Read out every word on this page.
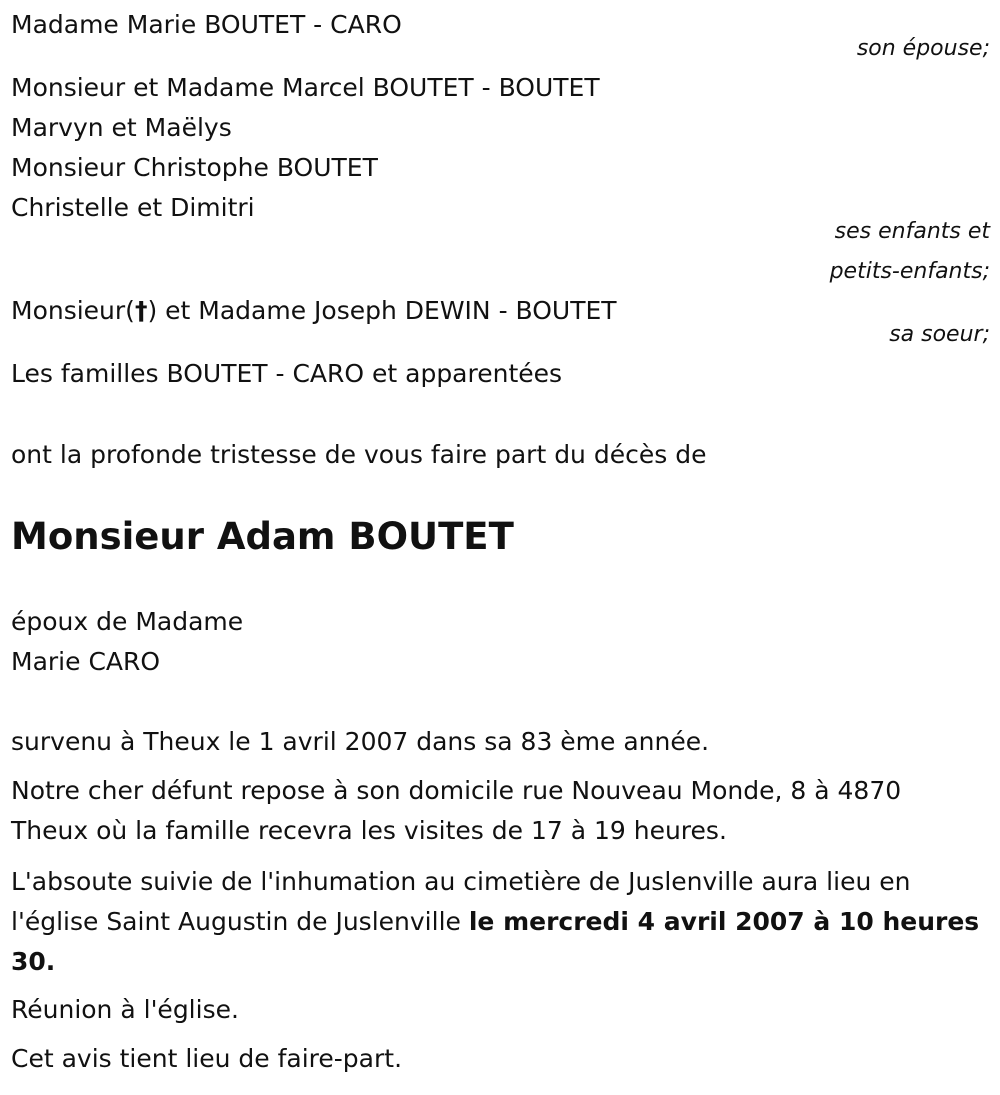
Madame Marie BOUTET - CARO
son épouse;
Monsieur et Madame Marcel BOUTET - BOUTET
Marvyn et Maëlys
Monsieur Christophe BOUTET
Christelle et Dimitri
ses enfants et
petits-enfants;
Monsieur(†) et Madame Joseph DEWIN - BOUTET
sa soeur;
Les familles BOUTET - CARO et apparentées
ont la profonde tristesse de vous faire part du décès de
Monsieur Adam BOUTET
époux de Madame
Marie CARO
survenu à Theux le 1 avril 2007 dans sa 83 ème année.
Notre cher défunt repose à son domicile rue Nouveau Monde, 8 à 4870 Theux où la famille recevra les visites de 17 à 19 heures.
L'absoute suivie de l'inhumation au cimetière de Juslenville aura lieu en l'église Saint Augustin de Juslenville le mercredi 4 avril 2007 à 10 heures 30.
Réunion à l'église.
Cet avis tient lieu de faire-part.
